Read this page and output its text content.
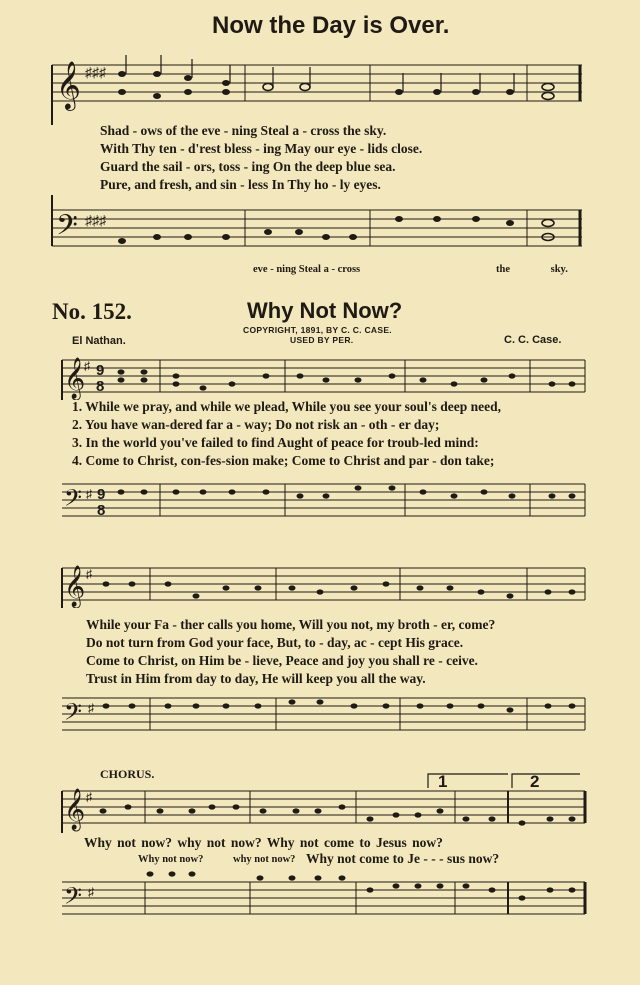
Now the Day is Over.
𝄞 ♯♯♯
Shad - ows of the eve - ning Steal a - cross the sky.
With Thy ten - d'rest bless - ing May our eye - lids close.
Guard the sail - ors, toss - ing On the deep blue sea.
Pure, and fresh, and sin - less In Thy ho - ly eyes.
𝄢 ♯♯♯
eve - ning Steal a - cross	the sky.
No. 152.	Why Not Now?
COPYRIGHT, 1891, BY C. C. CASE.
USED BY PER.
El Nathan.	C. C. Case.
𝄞
♯ 9
8
1. While we pray, and while we plead, While you see your soul's deep need,
2. You have wan-dered far a - way; Do not risk an - oth - er day;
3. In the world you've failed to find Aught of peace for troub-led mind:
4. Come to Christ, con-fes-sion make; Come to Christ and par - don take;
𝄢 ♯ 9
8
𝄞 ♯
While your Fa - ther calls you home, Will you not, my broth - er, come?
Do not turn from God your face, But, to - day, ac - cept His grace.
Come to Christ, on Him be - lieve, Peace and joy you shall re - ceive.
Trust in Him from day to day, He will keep you all the way.
𝄢 ♯
CHORUS.	1	2
𝄞 ♯
Why not now? why not now? Why not come to Jesus now?
Why not now?	why not now? Why not come to Je - - - sus now?
𝄢 ♯
